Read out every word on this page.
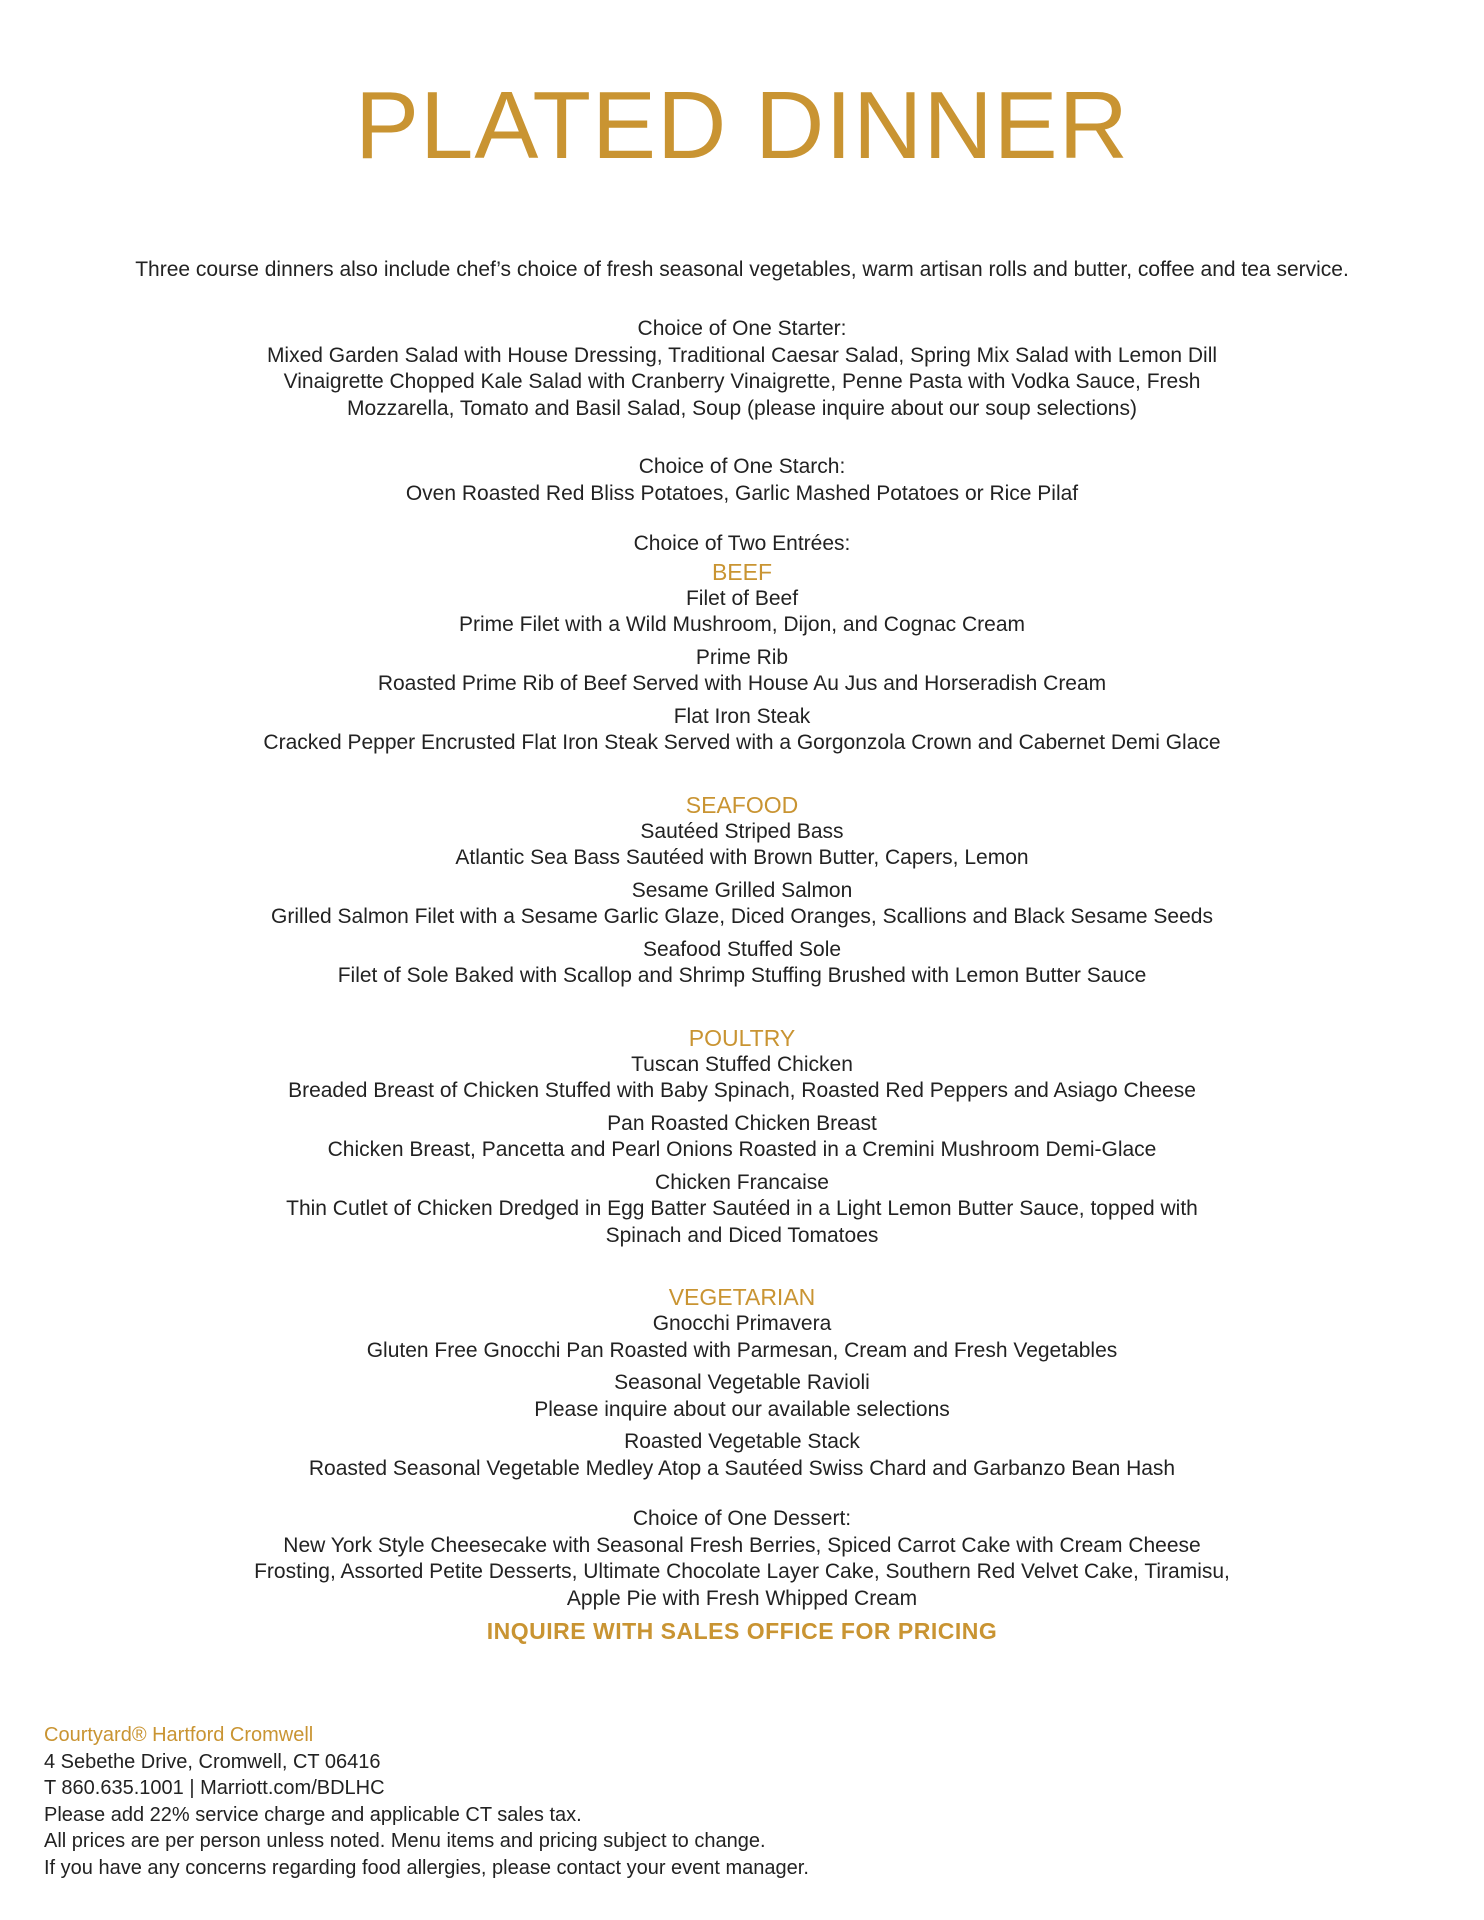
PLATED DINNER
Three course dinners also include chef’s choice of fresh seasonal vegetables, warm artisan rolls and butter, coffee and tea service.
Choice of One Starter:
Mixed Garden Salad with House Dressing, Traditional Caesar Salad, Spring Mix Salad with Lemon Dill
Vinaigrette Chopped Kale Salad with Cranberry Vinaigrette, Penne Pasta with Vodka Sauce, Fresh
Mozzarella, Tomato and Basil Salad, Soup (please inquire about our soup selections)
Choice of One Starch:
Oven Roasted Red Bliss Potatoes, Garlic Mashed Potatoes or Rice Pilaf
Choice of Two Entrées:
BEEF
Filet of Beef
Prime Filet with a Wild Mushroom, Dijon, and Cognac Cream
Prime Rib
Roasted Prime Rib of Beef Served with House Au Jus and Horseradish Cream
Flat Iron Steak
Cracked Pepper Encrusted Flat Iron Steak Served with a Gorgonzola Crown and Cabernet Demi Glace
SEAFOOD
Sautéed Striped Bass
Atlantic Sea Bass Sautéed with Brown Butter, Capers, Lemon
Sesame Grilled Salmon
Grilled Salmon Filet with a Sesame Garlic Glaze, Diced Oranges, Scallions and Black Sesame Seeds
Seafood Stuffed Sole
Filet of Sole Baked with Scallop and Shrimp Stuffing Brushed with Lemon Butter Sauce
POULTRY
Tuscan Stuffed Chicken
Breaded Breast of Chicken Stuffed with Baby Spinach, Roasted Red Peppers and Asiago Cheese
Pan Roasted Chicken Breast
Chicken Breast, Pancetta and Pearl Onions Roasted in a Cremini Mushroom Demi-Glace
Chicken Francaise
Thin Cutlet of Chicken Dredged in Egg Batter Sautéed in a Light Lemon Butter Sauce, topped with
Spinach and Diced Tomatoes
VEGETARIAN
Gnocchi Primavera
Gluten Free Gnocchi Pan Roasted with Parmesan, Cream and Fresh Vegetables
Seasonal Vegetable Ravioli
Please inquire about our available selections
Roasted Vegetable Stack
Roasted Seasonal Vegetable Medley Atop a Sautéed Swiss Chard and Garbanzo Bean Hash
Choice of One Dessert:
New York Style Cheesecake with Seasonal Fresh Berries, Spiced Carrot Cake with Cream Cheese
Frosting, Assorted Petite Desserts, Ultimate Chocolate Layer Cake, Southern Red Velvet Cake, Tiramisu,
Apple Pie with Fresh Whipped Cream
INQUIRE WITH SALES OFFICE FOR PRICING
Courtyard® Hartford Cromwell
4 Sebethe Drive, Cromwell, CT 06416
T 860.635.1001 | Marriott.com/BDLHC
Please add 22% service charge and applicable CT sales tax.
All prices are per person unless noted. Menu items and pricing subject to change.
If you have any concerns regarding food allergies, please contact your event manager.
